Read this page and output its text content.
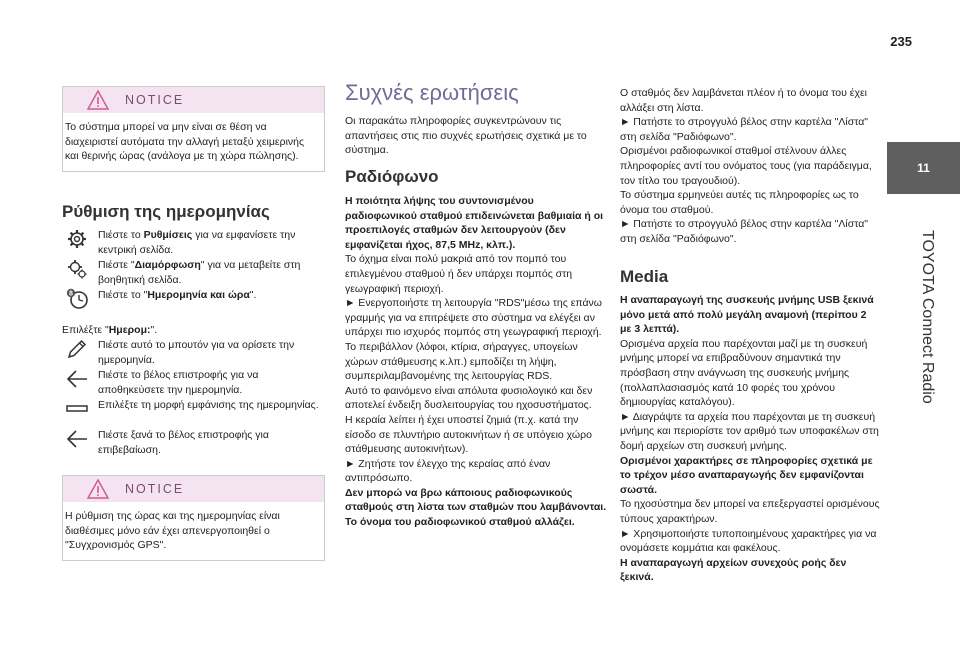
235
11
TOYOTA Connect Radio
NOTICE
Το σύστημα μπορεί να μην είναι σε θέση να διαχειριστεί αυτόματα την αλλαγή μεταξύ χειμερινής και θερινής ώρας (ανάλογα με τη χώρα πώλησης).
Ρύθμιση της ημερομηνίας

Πιέστε το Ρυθμίσεις για να εμφανίσετε την κεντρική σελίδα.

Πιέστε "Διαμόρφωση" για να μεταβείτε στη βοηθητική σελίδα.

8 Πιέστε το "Ημερομηνία και ώρα".

Επιλέξτε "Ημερομ:".

Πιέστε αυτό το μπουτόν για να ορίσετε την ημερομηνία.

Πιέστε το βέλος επιστροφής για να αποθηκεύσετε την ημερομηνία.

Επιλέξτε τη μορφή εμφάνισης της ημερομηνίας.

Πιέστε ξανά το βέλος επιστροφής για επιβεβαίωση.

NOTICE
Η ρύθμιση της ώρας και της ημερομηνίας είναι διαθέσιμες μόνο εάν έχει απενεργοποιηθεί ο "Συγχρονισμός GPS".
Συχνές ερωτήσεις

Οι παρακάτω πληροφορίες συγκεντρώνουν τις απαντήσεις στις πιο συχνές ερωτήσεις σχετικά με το σύστημα.

Ραδιόφωνο

Η ποιότητα λήψης του συντονισμένου ραδιοφωνικού σταθμού επιδεινώνεται βαθμιαία ή οι προεπιλογές σταθμών δεν λειτουργούν (δεν εμφανίζεται ήχος, 87,5 MHz, κλπ.).

Το όχημα είναι πολύ μακριά από τον πομπό του επιλεγμένου σταθμού ή δεν υπάρχει πομπός στη γεωγραφική περιοχή.

► Ενεργοποιήστε τη λειτουργία "RDS"μέσω της επάνω γραμμής για να επιτρέψετε στο σύστημα να ελέγξει αν υπάρχει πιο ισχυρός πομπός στη γεωγραφική περιοχή.

Το περιβάλλον (λόφοι, κτίρια, σήραγγες, υπογείων χώρων στάθμευσης κ.λπ.) εμποδίζει τη λήψη, συμπεριλαμβανομένης της λειτουργίας RDS.

Αυτό το φαινόμενο είναι απόλυτα φυσιολογικό και δεν αποτελεί ένδειξη δυσλειτουργίας του ηχοσυστήματος.

Η κεραία λείπει ή έχει υποστεί ζημιά (π.χ. κατά την είσοδο σε πλυντήριο αυτοκινήτων ή σε υπόγειο χώρο στάθμευσης αυτοκινήτων).

► Ζητήστε τον έλεγχο της κεραίας από έναν αντιπρόσωπο.

Δεν μπορώ να βρω κάποιους ραδιοφωνικούς σταθμούς στη λίστα των σταθμών που λαμβάνονται.

Το όνομα του ραδιοφωνικού σταθμού αλλάζει.

Ο σταθμός δεν λαμβάνεται πλέον ή το όνομα του έχει αλλάξει στη λίστα.

► Πατήστε το στρογγυλό βέλος στην καρτέλα "Λίστα" στη σελίδα "Ραδιόφωνο".

Ορισμένοι ραδιοφωνικοί σταθμοί στέλνουν άλλες πληροφορίες αντί του ονόματος τους (για παράδειγμα, τον τίτλο του τραγουδιού).

Το σύστημα ερμηνεύει αυτές τις πληροφορίες ως το όνομα του σταθμού.

► Πατήστε το στρογγυλό βέλος στην καρτέλα "Λίστα" στη σελίδα "Ραδιόφωνο".

Media

Η αναπαραγωγή της συσκευής μνήμης USB ξεκινά μόνο μετά από πολύ μεγάλη αναμονή (περίπου 2 με 3 λεπτά).

Ορισμένα αρχεία που παρέχονται μαζί με τη συσκευή μνήμης μπορεί να επιβραδύνουν σημαντικά την πρόσβαση στην ανάγνωση της συσκευής μνήμης (πολλαπλασιασμός κατά 10 φορές του χρόνου δημιουργίας καταλόγου).

► Διαγράψτε τα αρχεία που παρέχονται με τη συσκευή μνήμης και περιορίστε τον αριθμό των υποφακέλων στη δομή αρχείων στη συσκευή μνήμης.

Ορισμένοι χαρακτήρες σε πληροφορίες σχετικά με το τρέχον μέσο αναπαραγωγής δεν εμφανίζονται σωστά.

Το ηχοσύστημα δεν μπορεί να επεξεργαστεί ορισμένους τύπους χαρακτήρων.

► Χρησιμοποιήστε τυποποιημένους χαρακτήρες για να ονομάσετε κομμάτια και φακέλους.

Η αναπαραγωγή αρχείων συνεχούς ροής δεν ξεκινά.
